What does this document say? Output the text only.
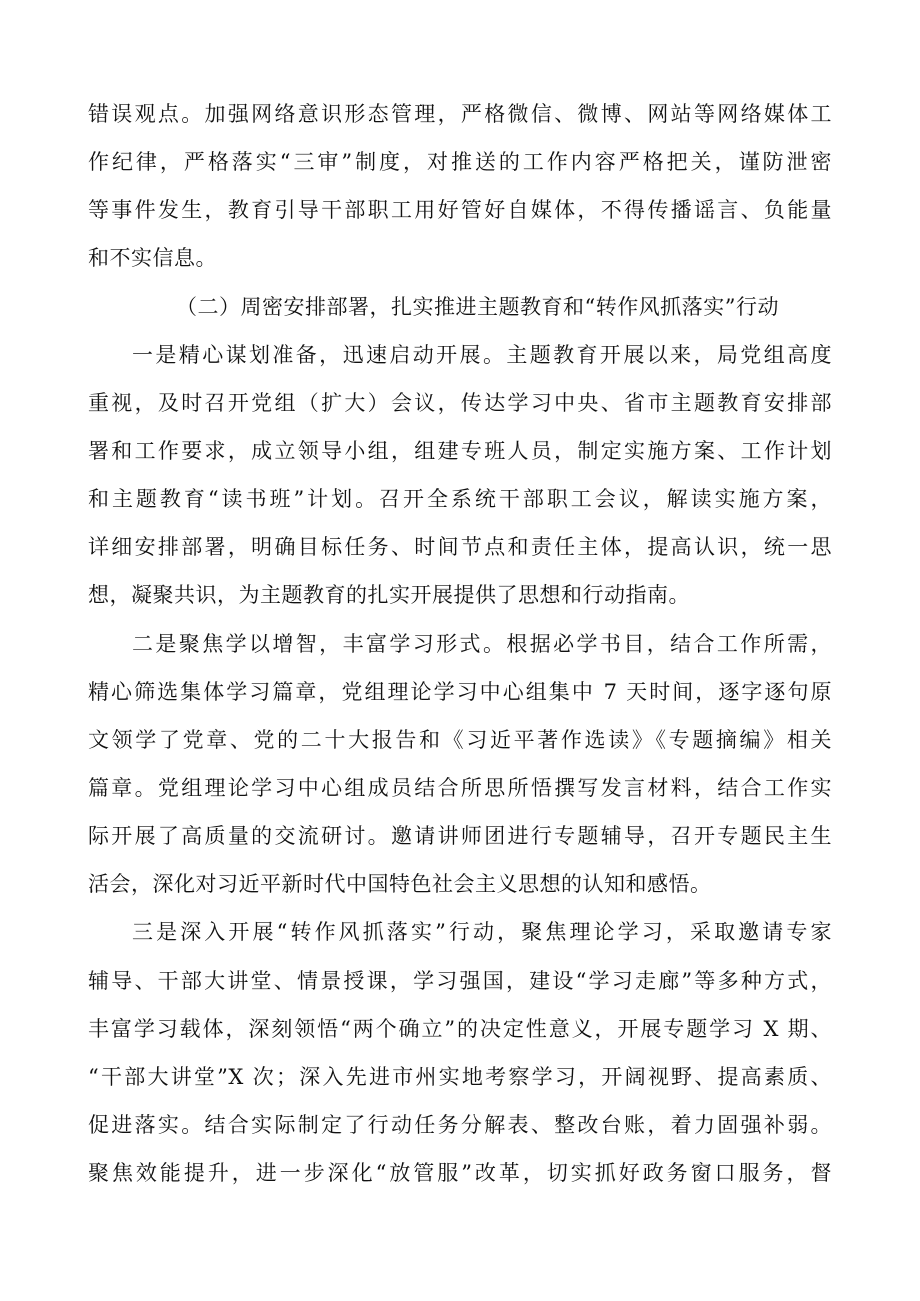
错误观点。加强网络意识形态管理，严格微信、微博、网站等网络媒体工
作纪律，严格落实“三审”制度，对推送的工作内容严格把关，谨防泄密
等事件发生，教育引导干部职工用好管好自媒体，不得传播谣言、负能量
和不实信息。
（二）周密安排部署，扎实推进主题教育和“转作风抓落实”行动
一是精心谋划准备，迅速启动开展。主题教育开展以来，局党组高度
重视，及时召开党组（扩大）会议，传达学习中央、省市主题教育安排部
署和工作要求，成立领导小组，组建专班人员，制定实施方案、工作计划
和主题教育“读书班”计划。召开全系统干部职工会议，解读实施方案，
详细安排部署，明确目标任务、时间节点和责任主体，提高认识，统一思
想，凝聚共识，为主题教育的扎实开展提供了思想和行动指南。
二是聚焦学以增智，丰富学习形式。根据必学书目，结合工作所需，
精心筛选集体学习篇章，党组理论学习中心组集中 7 天时间，逐字逐句原
文领学了党章、党的二十大报告和《习近平著作选读》《专题摘编》相关
篇章。党组理论学习中心组成员结合所思所悟撰写发言材料，结合工作实
际开展了高质量的交流研讨。邀请讲师团进行专题辅导，召开专题民主生
活会，深化对习近平新时代中国特色社会主义思想的认知和感悟。
三是深入开展“转作风抓落实”行动，聚焦理论学习，采取邀请专家
辅导、干部大讲堂、情景授课，学习强国，建设“学习走廊”等多种方式，
丰富学习载体，深刻领悟“两个确立”的决定性意义，开展专题学习 X 期、
“干部大讲堂”X 次；深入先进市州实地考察学习，开阔视野、提高素质、
促进落实。结合实际制定了行动任务分解表、整改台账，着力固强补弱。
聚焦效能提升，进一步深化“放管服”改革，切实抓好政务窗口服务，督
